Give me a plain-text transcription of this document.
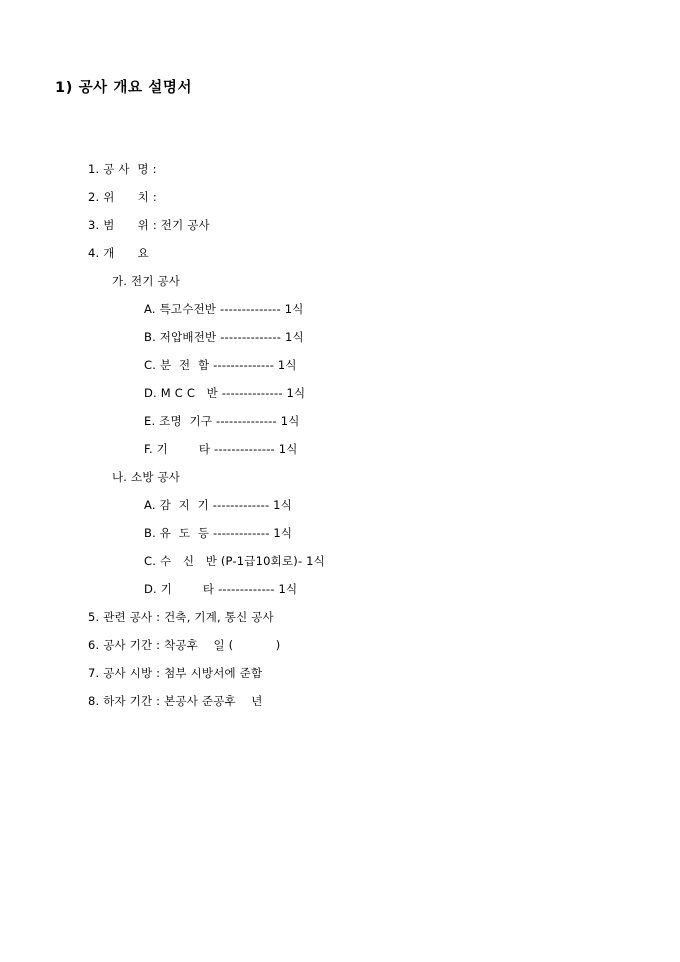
1) 공사 개요 설명서
1. 공 사  명 :
2. 위      치 :
3. 범      위 : 전기 공사
4. 개      요
가. 전기 공사
A. 특고수전반 -------------- 1식
B. 저압배전반 -------------- 1식
C. 분  전  함 -------------- 1식
D. M C C   반 -------------- 1식
E. 조명  기구 -------------- 1식
F. 기        타 -------------- 1식
나. 소방 공사
A. 감  지  기 ------------- 1식
B. 유  도  등 ------------- 1식
C. 수   신   반 (P-1급10회로)- 1식
D. 기        타 ------------- 1식
5. 관련 공사 : 건축, 기계, 통신 공사
6. 공사 기간 : 착공후    일 (           )
7. 공사 시방 : 첨부 시방서에 준함
8. 하자 기간 : 본공사 준공후    년
